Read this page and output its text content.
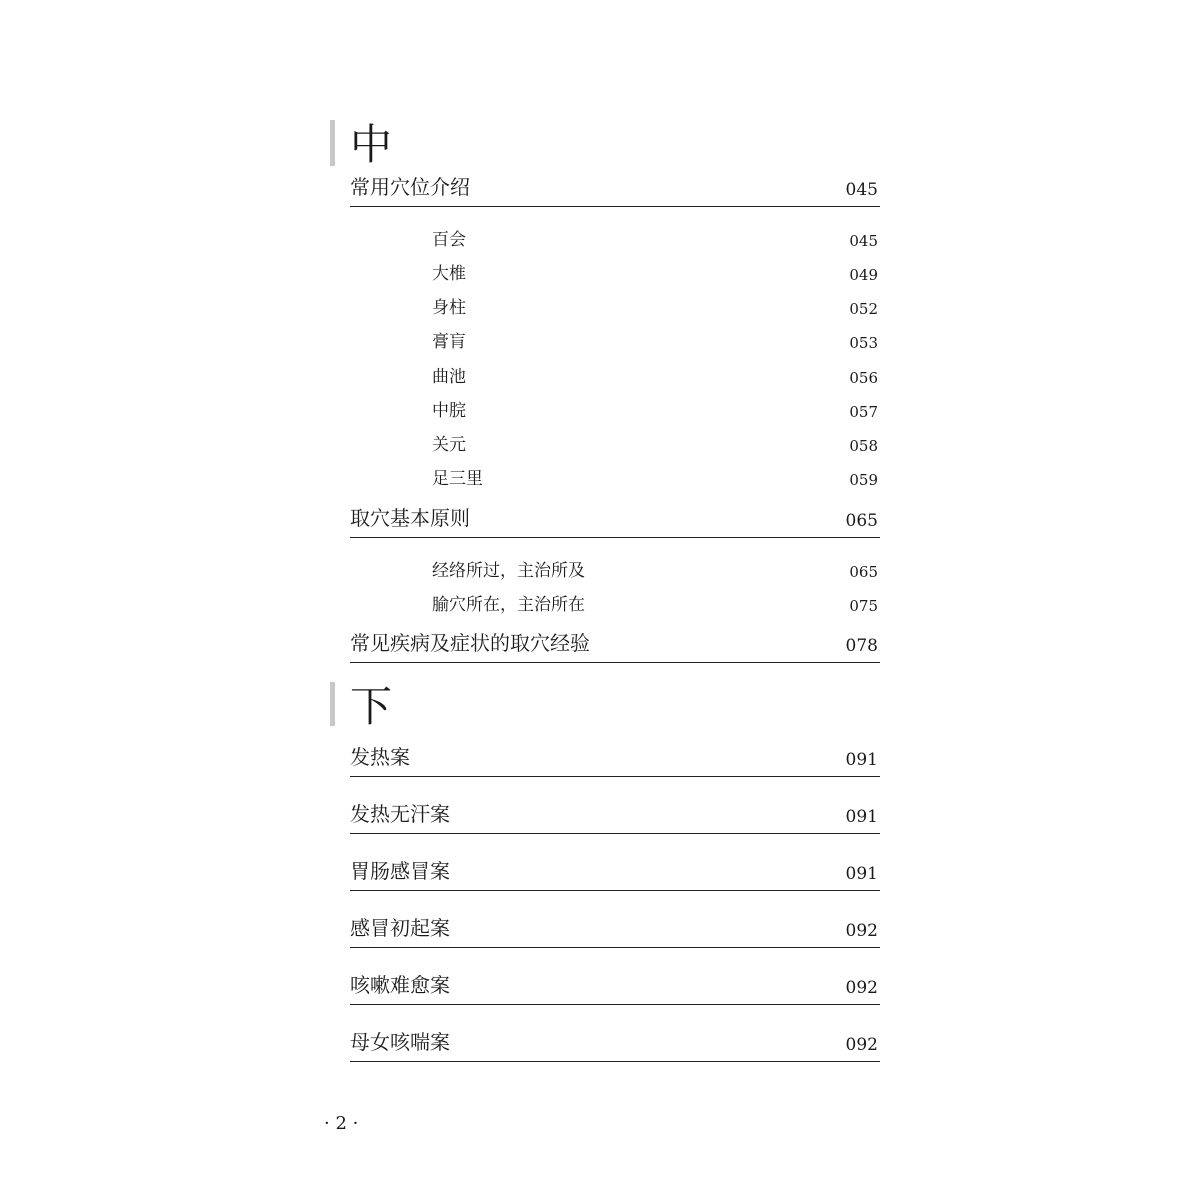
中
常用穴位介绍	045
百会	045
大椎	049
身柱	052
膏肓	053
曲池	056
中脘	057
关元	058
足三里	059
取穴基本原则	065
经络所过，主治所及	065
腧穴所在，主治所在	075
常见疾病及症状的取穴经验	078
下
发热案	091
发热无汗案	091
胃肠感冒案	091
感冒初起案	092
咳嗽难愈案	092
母女咳喘案	092
· 2 ·
